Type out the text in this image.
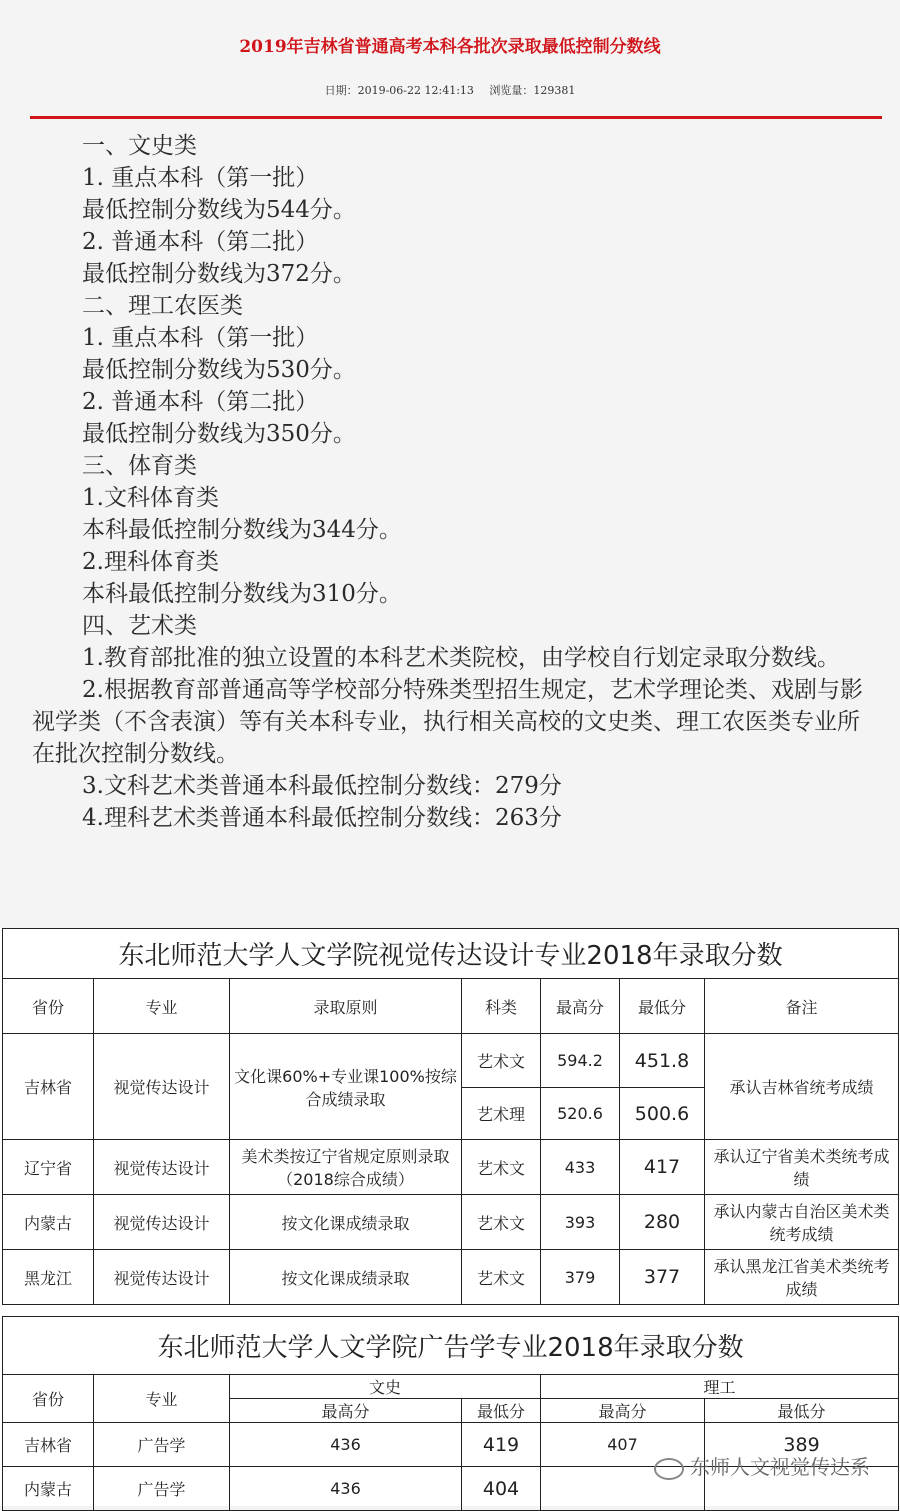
2019年吉林省普通高考本科各批次录取最低控制分数线
日期：2019-06-22 12:41:13 浏览量：129381

一、文史类

1. 重点本科（第一批）

最低控制分数线为544分。

2. 普通本科（第二批）

最低控制分数线为372分。

二、理工农医类

1. 重点本科（第一批）

最低控制分数线为530分。

2. 普通本科（第二批）

最低控制分数线为350分。

三、体育类

1.文科体育类

本科最低控制分数线为344分。

2.理科体育类

本科最低控制分数线为310分。

四、艺术类

1.教育部批准的独立设置的本科艺术类院校，由学校自行划定录取分数线。

2.根据教育部普通高等学校部分特殊类型招生规定，艺术学理论类、戏剧与影视学类（不含表演）等有关本科专业，执行相关高校的文史类、理工农医类专业所在批次控制分数线。

3.文科艺术类普通本科最低控制分数线：279分

4.理科艺术类普通本科最低控制分数线：263分

东北师范大学人文学院视觉传达设计专业2018年录取分数						
省份	专业	录取原则	科类	最高分	最低分	备注
吉林省	视觉传达设计	文化课60%+专业课100%按综合成绩录取	艺术文	594.2	451.8	承认吉林省统考成绩
			艺术理	520.6	500.6	
辽宁省	视觉传达设计	美术类按辽宁省规定原则录取（2018综合成绩）	艺术文	433	417	承认辽宁省美术类统考成绩
内蒙古	视觉传达设计	按文化课成绩录取	艺术文	393	280	承认内蒙古自治区美术类统考成绩
黑龙江	视觉传达设计	按文化课成绩录取	艺术文	379	377	承认黑龙江省美术类统考成绩
东北师范大学人文学院广告学专业2018年录取分数					
省份	专业	文史		理工	
		最高分	最低分	最高分	最低分
吉林省	广告学	436	419	407	389
内蒙古	广告学	436	404		
东师人文视觉传达系
